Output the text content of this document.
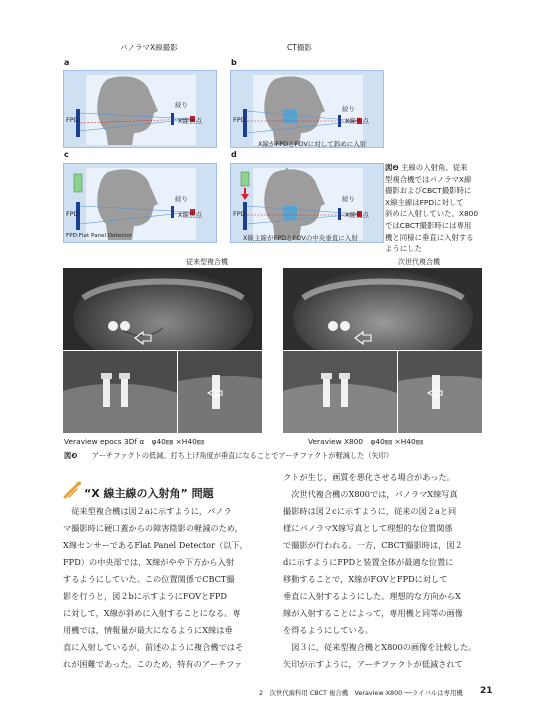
パノラマX線撮影	CT撮影
a	b
c	d
FPD
絞り
X線焦点	FPD
絞り
X線焦点
X線がFPDとFOVに対して斜めに入射
FPD
絞り
X線焦点
FPD:Flat Panel Detector
FPD
絞り
X線焦点
X線主線がFPDとFOVの中央垂直に入射
図❷ 主線の入射角。従来
型複合機ではパノラマX線
撮影およびCBCT撮影時に
X線主線はFPDに対して
斜めに入射していた。X800
ではCBCT撮影時には専用
機と同様に垂直に入射する
ようにした
従来型複合機	次世代複合機
Veraview epocs 3Df α　φ40㎜ ×H40㎜	Veraview X800　φ40㎜ ×H40㎜
図❸ アーチファクトの低減。打ち上げ角度が垂直になることでアーチファクトが軽減した（矢印）
“X 線主線の入射角” 問題

従来型複合機は図２aに示すように，パノラ

マ撮影時に硬口蓋からの障害陰影の軽減のため，

X線センサーであるFlat Panel Detector（以下，

FPD）の中央部では，X線がやや下方から入射

するようにしていた。この位置関係でCBCT撮

影を行うと，図２bに示すようにFOVとFPD

に対して，X線が斜めに入射することになる。専

用機では，情報量が最大になるようにX線は垂

直に入射しているが，前述のように複合機ではそ

れが困難であった。このため，特有のアーチファ

クトが生じ，画質を悪化させる場合があった。

次世代複合機のX800では，パノラマX線写真

撮影時は図２cに示すように，従来の図２aと同

様にパノラマX線写真として理想的な位置関係

で撮影が行われる。一方，CBCT撮影時は，図２

dに示すようにFPDと装置全体が最適な位置に

移動することで，X線がFOVとFPDに対して

垂直に入射するようにした。理想的な方向からX

線が入射することによって，専用機と同等の画像

を得るようにしている。

図３に，従来型複合機とX800の画像を比較した。

矢印が示すように，アーチファクトが低減されて

2　次世代歯科用 CBCT 複合機　Veraview X800 ──ライバルは専用機 21
